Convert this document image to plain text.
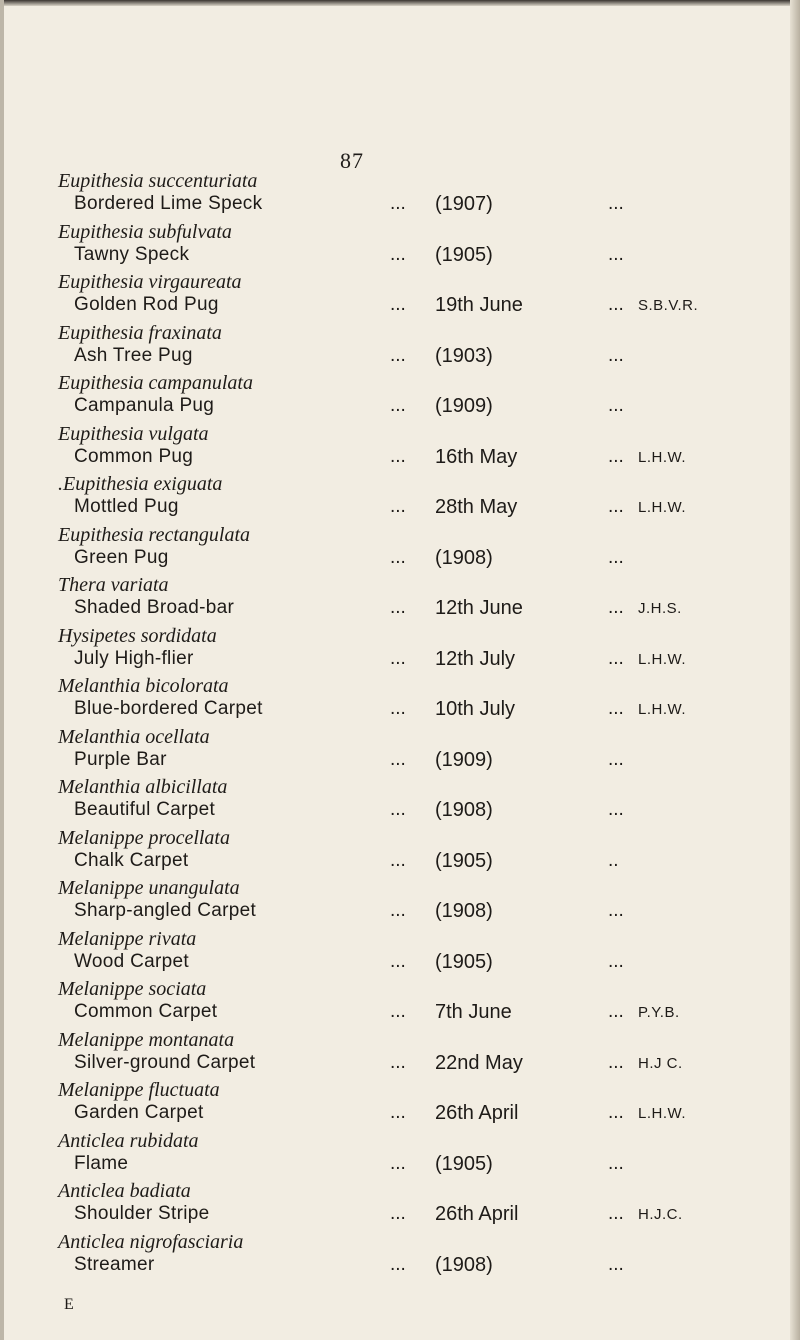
87
Eupithesia succenturiata
Bordered Lime Speck	... (1907)	...
Eupithesia subfulvata
Tawny Speck	... (1905)	...
Eupithesia virgaureata
Golden Rod Pug	... 19th June	... S.B.V.R.
Eupithesia fraxinata
Ash Tree Pug	... (1903)	...
Eupithesia campanulata
Campanula Pug	... (1909)	...
Eupithesia vulgata
Common Pug	... 16th May	... L.H.W.
.Eupithesia exiguata
Mottled Pug	... 28th May	... L.H.W.
Eupithesia rectangulata
Green Pug	... (1908)	...
Thera variata
Shaded Broad-bar	... 12th June	... J.H.S.
Hysipetes sordidata
July High-flier	... 12th July	... L.H.W.
Melanthia bicolorata
Blue-bordered Carpet	... 10th July	... L.H.W.
Melanthia ocellata
Purple Bar	... (1909)	...
Melanthia albicillata
Beautiful Carpet	... (1908)	...
Melanippe procellata
Chalk Carpet	... (1905)	..
Melanippe unangulata
Sharp-angled Carpet	... (1908)	...
Melanippe rivata
Wood Carpet	... (1905)	...
Melanippe sociata
Common Carpet	... 7th June	... P.Y.B.
Melanippe montanata
Silver-ground Carpet	... 22nd May	... H.J C.
Melanippe fluctuata
Garden Carpet	... 26th April	... L.H.W.
Anticlea rubidata
Flame	... (1905)	...
Anticlea badiata
Shoulder Stripe	... 26th April	... H.J.C.
Anticlea nigrofasciaria
Streamer	... (1908)	...
E
